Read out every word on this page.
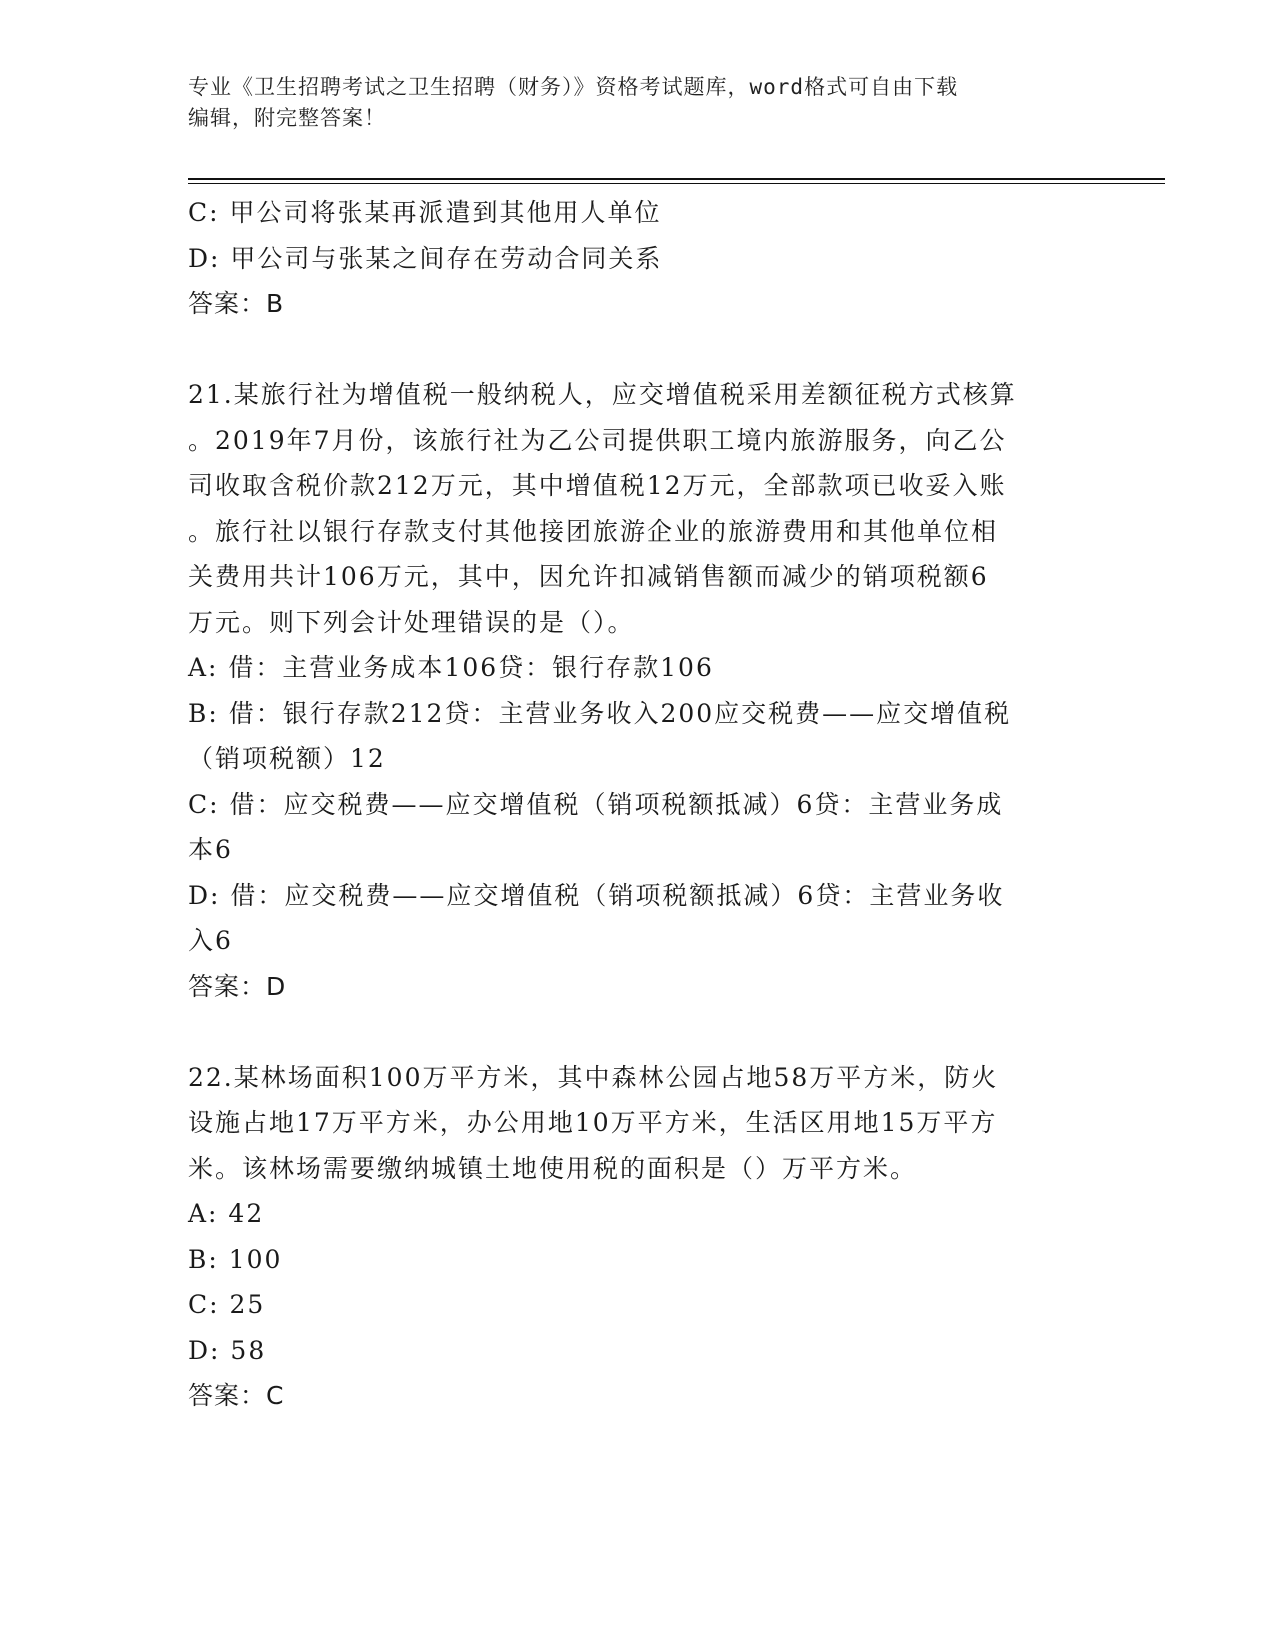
专业《卫生招聘考试之卫生招聘（财务）》资格考试题库，word格式可自由下载
编辑，附完整答案！
C: 甲公司将张某再派遣到其他用人单位
D: 甲公司与张某之间存在劳动合同关系
答案：B
21.某旅行社为增值税一般纳税人，应交增值税采用差额征税方式核算
。2019年7月份，该旅行社为乙公司提供职工境内旅游服务，向乙公
司收取含税价款212万元，其中增值税12万元，全部款项已收妥入账
。旅行社以银行存款支付其他接团旅游企业的旅游费用和其他单位相
关费用共计106万元，其中，因允许扣减销售额而减少的销项税额6
万元。则下列会计处理错误的是（）。
A: 借：主营业务成本106贷：银行存款106
B: 借：银行存款212贷：主营业务收入200应交税费——应交增值税
（销项税额）12
C: 借：应交税费——应交增值税（销项税额抵减）6贷：主营业务成
本6
D: 借：应交税费——应交增值税（销项税额抵减）6贷：主营业务收
入6
答案：D
22.某林场面积100万平方米，其中森林公园占地58万平方米，防火
设施占地17万平方米，办公用地10万平方米，生活区用地15万平方
米。该林场需要缴纳城镇土地使用税的面积是（）万平方米。
A: 42
B: 100
C: 25
D: 58
答案：C
